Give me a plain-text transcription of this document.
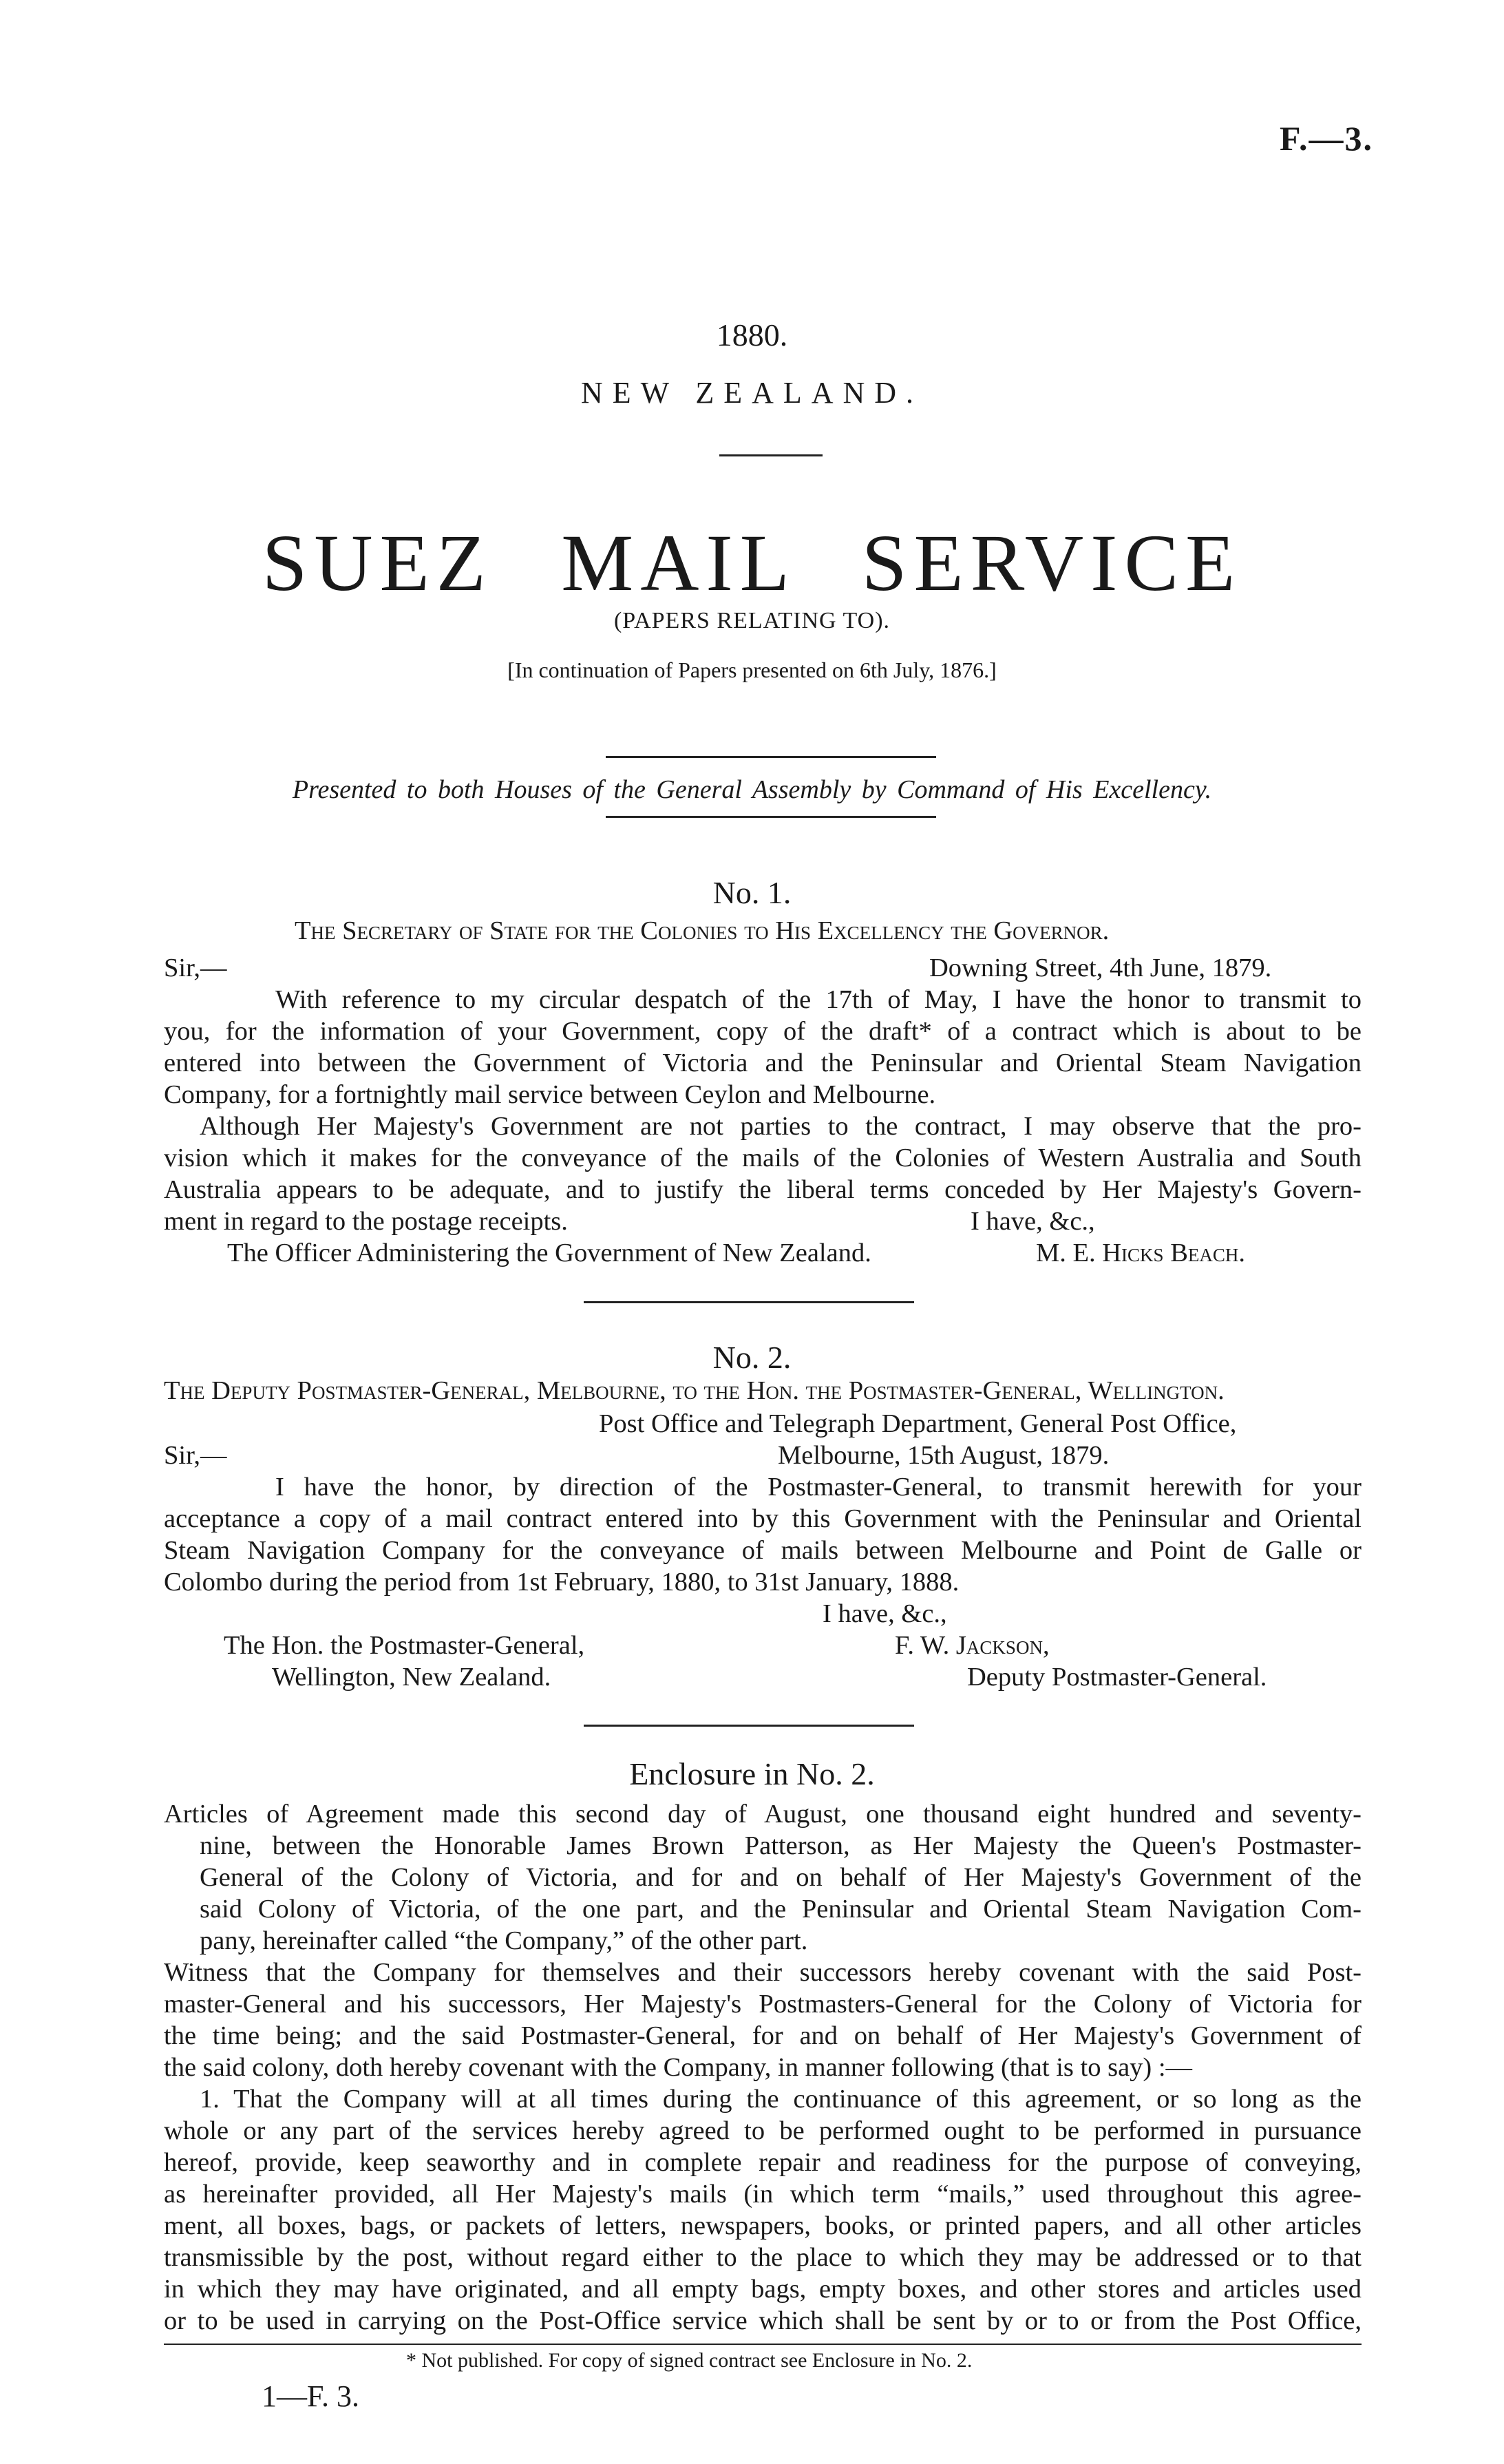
F.—3.
1880.
NEW ZEALAND.
SUEZ MAIL SERVICE
(PAPERS RELATING TO).
[In continuation of Papers presented on 6th July, 1876.]
Presented to both Houses of the General Assembly by Command of His Excellency.
No. 1.
The Secretary of State for the Colonies to His Excellency the Governor.
Sir,—	Downing Street, 4th June, 1879.
With reference to my circular despatch of the 17th of May, I have the honor to transmit to
you, for the information of your Government, copy of the draft* of a contract which is about to be
entered into between the Government of Victoria and the Peninsular and Oriental Steam Navigation
Company, for a fortnightly mail service between Ceylon and Melbourne.
Although Her Majesty's Government are not parties to the contract, I may observe that the pro-
vision which it makes for the conveyance of the mails of the Colonies of Western Australia and South
Australia appears to be adequate, and to justify the liberal terms conceded by Her Majesty's Govern-
ment in regard to the postage receipts.	I have, &c.,
The Officer Administering the Government of New Zealand.	M. E. Hicks Beach.
No. 2.
The Deputy Postmaster-General, Melbourne, to the Hon. the Postmaster-General, Wellington.
Post Office and Telegraph Department, General Post Office,
Sir,—	Melbourne, 15th August, 1879.
I have the honor, by direction of the Postmaster-General, to transmit herewith for your
acceptance a copy of a mail contract entered into by this Government with the Peninsular and Oriental
Steam Navigation Company for the conveyance of mails between Melbourne and Point de Galle or
Colombo during the period from 1st February, 1880, to 31st January, 1888.
I have, &c.,
The Hon. the Postmaster-General,	F. W. Jackson,
Wellington, New Zealand.	Deputy Postmaster-General.
Enclosure in No. 2.
Articles of Agreement made this second day of August, one thousand eight hundred and seventy-
nine, between the Honorable James Brown Patterson, as Her Majesty the Queen's Postmaster-
General of the Colony of Victoria, and for and on behalf of Her Majesty's Government of the
said Colony of Victoria, of the one part, and the Peninsular and Oriental Steam Navigation Com-
pany, hereinafter called “the Company,” of the other part.
Witness that the Company for themselves and their successors hereby covenant with the said Post-
master-General and his successors, Her Majesty's Postmasters-General for the Colony of Victoria for
the time being; and the said Postmaster-General, for and on behalf of Her Majesty's Government of
the said colony, doth hereby covenant with the Company, in manner following (that is to say) :—
1. That the Company will at all times during the continuance of this agreement, or so long as the
whole or any part of the services hereby agreed to be performed ought to be performed in pursuance
hereof, provide, keep seaworthy and in complete repair and readiness for the purpose of conveying,
as hereinafter provided, all Her Majesty's mails (in which term “mails,” used throughout this agree-
ment, all boxes, bags, or packets of letters, newspapers, books, or printed papers, and all other articles
transmissible by the post, without regard either to the place to which they may be addressed or to that
in which they may have originated, and all empty bags, empty boxes, and other stores and articles used
or to be used in carrying on the Post-Office service which shall be sent by or to or from the Post Office,
* Not published. For copy of signed contract see Enclosure in No. 2.
1—F. 3.
